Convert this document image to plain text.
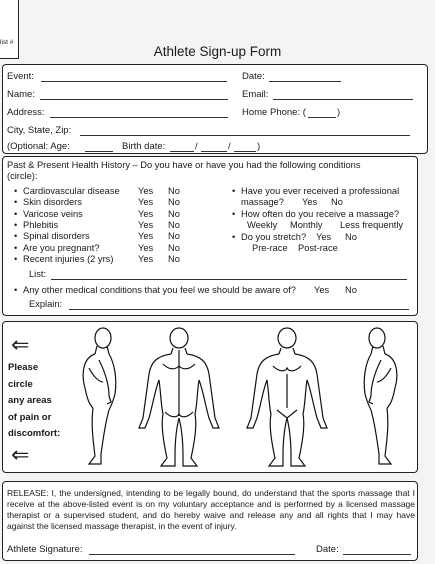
list #
Athlete Sign-up Form
Event:	Date:
Name:	Email:
Address:	Home Phone: (	)
City, State, Zip:
(Optional: Age:	Birth date:	/	/	)
Past & Present Health History – Do you have or have you had the following conditions
(circle):
• Cardiovascular disease Yes No
• Skin disorders	Yes No
• Varicose veins	Yes No
• Phlebitis	Yes No
• Spinal disorders	Yes No
• Are you pregnant?	Yes No
• Recent injuries (2 yrs)	Yes No
• Have you ever received a professional
massage? Yes No
• How often do you receive a massage?
Weekly Monthly Less frequently
• Do you stretch? Yes No
Pre-race Post-race
List:
• Any other medical conditions that you feel we should be aware of? Yes No
Explain:
⇐
Please
circle
any areas
of pain or
discomfort:
⇐
RELEASE: I, the undersigned, intending to be legally bound, do understand that the sports massage that I receive at the above-listed event is on my voluntary acceptance and is performed by a licensed massage therapist or a supervised student, and do hereby waive and release any and all rights that I may have against the licensed massage therapist, in the event of injury.
Athlete Signature:	Date:
